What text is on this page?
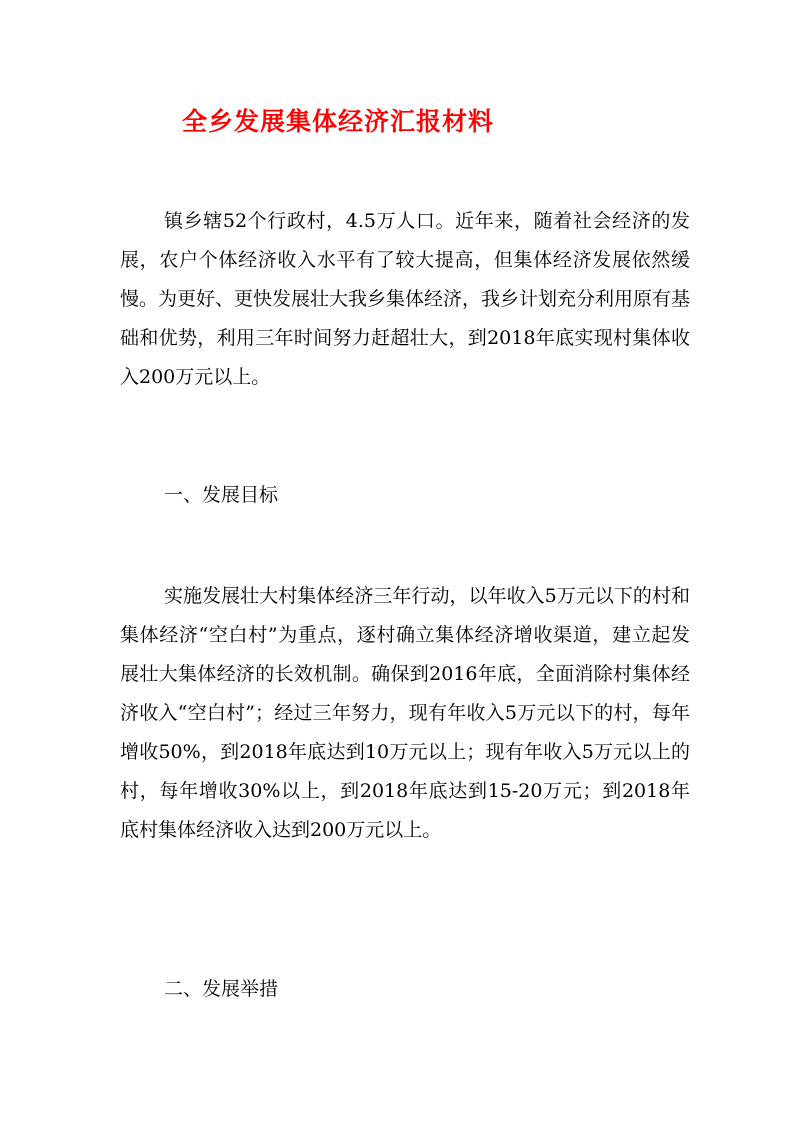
全乡发展集体经济汇报材料

镇乡辖52个行政村，4.5万人口。近年来，随着社会经济的发展，农户个体经济收入水平有了较大提高，但集体经济发展依然缓慢。为更好、更快发展壮大我乡集体经济，我乡计划充分利用原有基础和优势，利用三年时间努力赶超壮大，到2018年底实现村集体收入200万元以上。

一、发展目标

实施发展壮大村集体经济三年行动，以年收入5万元以下的村和集体经济“空白村”为重点，逐村确立集体经济增收渠道，建立起发展壮大集体经济的长效机制。确保到2016年底，全面消除村集体经济收入“空白村”；经过三年努力，现有年收入5万元以下的村，每年增收50%，到2018年底达到10万元以上；现有年收入5万元以上的村，每年增收30%以上，到2018年底达到15-20万元；到2018年底村集体经济收入达到200万元以上。

二、发展举措
